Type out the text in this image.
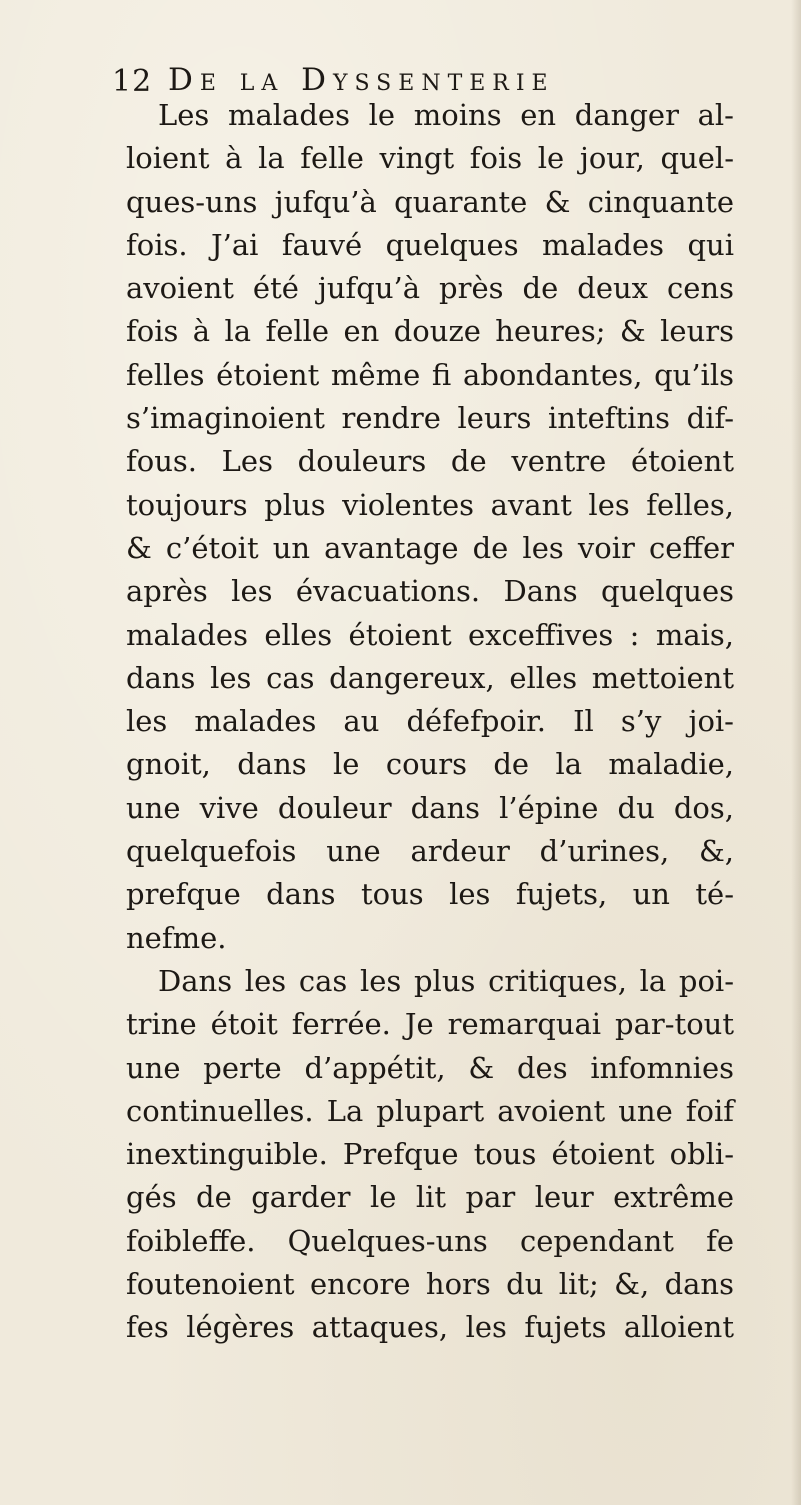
12 De la Dyssenterie
Les malades le moins en danger al-
loient à la felle vingt fois le jour, quel-
ques-uns jufqu’à quarante & cinquante
fois. J’ai fauvé quelques malades qui
avoient été jufqu’à près de deux cens
fois à la felle en douze heures; & leurs
felles étoient même fi abondantes, qu’ils
s’imaginoient rendre leurs inteftins dif-
fous. Les douleurs de ventre étoient
toujours plus violentes avant les felles,
& c’étoit un avantage de les voir ceffer
après les évacuations. Dans quelques
malades elles étoient exceffives : mais,
dans les cas dangereux, elles mettoient
les malades au défefpoir. Il s’y joi-
gnoit, dans le cours de la maladie,
une vive douleur dans l’épine du dos,
quelquefois une ardeur d’urines, &,
prefque dans tous les fujets, un té-
nefme.
Dans les cas les plus critiques, la poi-
trine étoit ferrée. Je remarquai par-tout
une perte d’appétit, & des infomnies
continuelles. La plupart avoient une foif
inextinguible. Prefque tous étoient obli-
gés de garder le lit par leur extrême
foibleffe. Quelques-uns cependant fe
foutenoient encore hors du lit; &, dans
fes légères attaques, les fujets alloient
